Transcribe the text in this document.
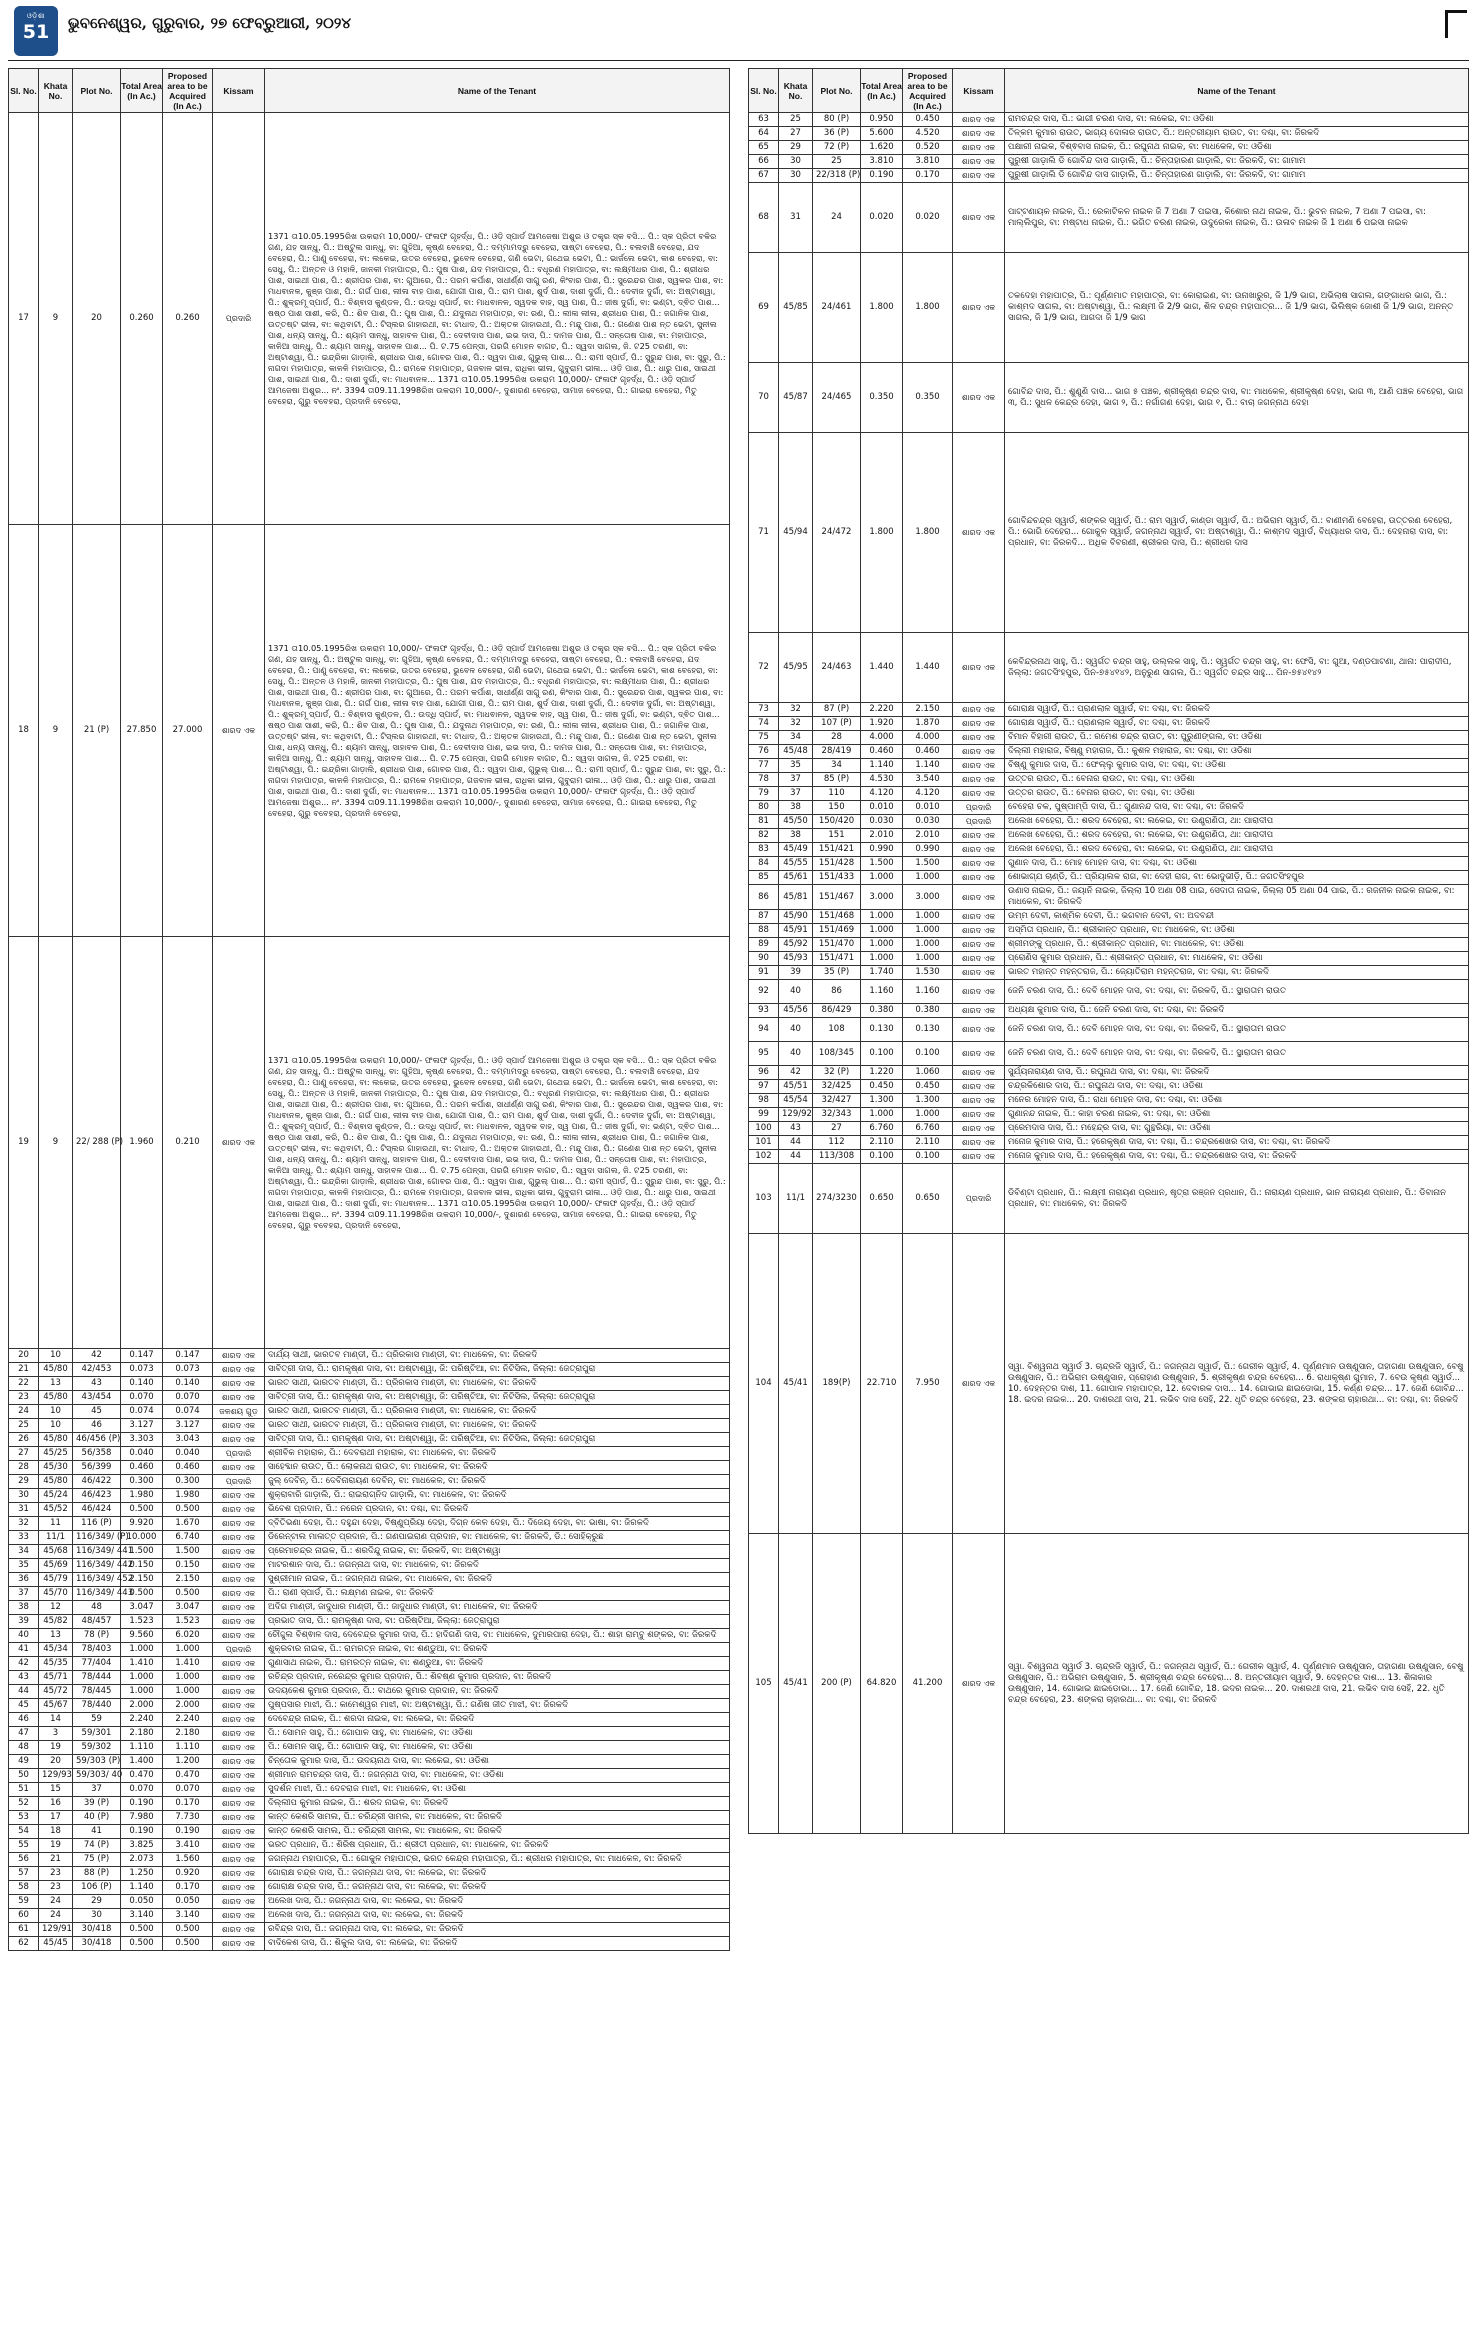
ଓଡ଼ିଶା
51	ଭୁବନେଶ୍ୱର, ଗୁରୁବାର, ୨୭ ଫେବ୍ରୁଆରୀ, ୨୦୨୪
Sl. No.	Khata No.	Plot No.	Total Area (In Ac.)	Proposed area to be Acquired (In Ac.)	Kissam	Name of the Tenant
17	9	20	0.260	0.260	ପ୍ରଦାରି	1371 ତା10.05.1995ରିଖ ଉକରାମ 10,000/- ଫଳାଫ ଗୃହର୍ଦ୍ଧ, ପି.: ଓଡ଼ି ସ୍ପାର୍ଡ ଆମଜେଷା ଅଶୁର ଓ ତକ୍ତ୍ର ସ୍କ ବସି... ପି.: ସ୍କ ପ୍ରିତୀ ବକିର ଗଣ, ଯହ ସାନ୍ଧୁ, ପି.: ଅଷ୍ଟୁଲ ସାନ୍ଧୁ, ବା: ଗୁହିଆ, କୃଷ୍ଣ ବେହେରା, ପି.: ଦମ୍ମାମଦ୍ରୁ ବେହେରା, ସାଷ୍ଟା ବେହେରା, ପି.: ବଲବାଞ୍ଚି ବେହେରା, ଯଦ ବେହେରା, ପି.: ପାଣୁ ବେହେରା, ବା: ଲକେଇ, ଉତର ବେହେରା, ଭୁବେଳ ବେହେରା, ଗଣି ଭେଟା, ଗଥେଇ ଭେଟା, ପି.: ଭାର୍ଜଲେ ଭେଟା, କାଶ ବେହେରା, ବା: ସେଧୁ, ପି.: ଅନ୍ତନ ଓ ମହାଳି, ଜାନକୀ ମହାପାତ୍ର, ପି.: ପୁଷ ପାଶ, ଯଦ ମହାପାତ୍ର, ପି.: ବଧୂରଣ ମହାପାତ୍ର, ବା: ଲକ୍ଷ୍ମୀଧର ପାଶ, ପି.: ଶ୍ରୀଧର ପାଶ, ସାଇଥୀ ପାଶ, ପି.: ଶ୍ରୀପର ପାଶ, ବା: ଗୁଆରେ, ପି.: ପରମ କର୍ପାଶ, ସାଧୀର୍ଣ୍ଣ ସାଗୁ ରଣ, କିଂବାର ପାଶ, ପି.: ସୁରେନ୍ଦର ପାଶ, ସ୍ୱକର ପାଶ, ବା: ମାଧଵାନଳ, କୁଞ୍ଜ ପାଶ, ପି.: ଗର୍ଗ ପାଶ, ଲୀଳା ବାହ ପାଶ, ଯୋଗୀ ପାଶ, ପି.: ରାମ ପାଶ, ଶୁର୍ଦ ପାଶ, ଦାଶୀ ଦୁର୍ଗା, ପି.: ଦେବୀଜ ଦୁର୍ଗା, ବା: ଅଷ୍ଟାଶ୍ୱା, ପି.: ଶୁକ୍ରମୂ ସ୍ପାର୍ଡ, ପି.: ବିଶ୍ଵାସ କୁଣ୍ଡଳ, ପି.: ଉଦ୍ଧି ସ୍ପାର୍ଡ, ବା: ମାଧଵାନଳ, ସ୍ୱଦକ ବାହ, ସ୍ୱ ପାଶ, ପି.: ଜୀଷ ଦୁର୍ଗା, ବା: ଭଣ୍ଟା, ଦ୍ଵିତ ପାଶ... ଷଷ୍ଠ ପାଶ ସାଶୀ, କରି, ପି.: ଶିବ ପାଶ, ପି.: ପୁଷ ପାଶ, ପି.: ଯଦୁନାଥ ମହାପାତ୍ର, ବା: ରଣ, ପି.: ଲୀଳା ଲୀଳା, ଶ୍ରୀଧର ପାଶ, ପି.: ଜଗାନିକ ପାଶ, ଉତ୍ତଷ୍ଟ ଭୀଳା, ବା: କଥିବାଟୀ, ପି.: ଟିସ୍ଲର ଗାହାରଥୀ, ବା: ଟାଧାଦ, ପି.: ଅକ୍ତକ ଗାହାରଥୀ, ପି.: ମନ୍ଦୁ ପାଶ, ପି.: ଗଣେଶ ପାଶ ନ୍ତ ଭେଟା, ସୁନୀଲ ପାଶ, ଧନ୍ୟ ସାନ୍ଧୁ, ପି.: ଶ୍ୟାମ ସାନ୍ଧୁ, ସାହାବଳ ପାଶ, ପି.: ଦେବୀଦାସ ପାଶ, ଇଭ ଦାସ, ପି.: ଦାମଜ ପାଶ, ପି.: ସନ୍ତୋଷ ପାଶ, ବା: ମହାପାତ୍ର, କାଳିଆ ସାନ୍ଧୁ, ପି.: ଶ୍ୟାମ ସାନ୍ଧୁ, ସାହାବଳ ପାଶ... ପି. ଟ.75 ପେନ୍ସା, ପରଗି ମୋହନ ବାଗଚ, ପି.: ସ୍ୱଦା ସାଗଲ, ଜି. ଟ25 ତରଣୀ, ବା: ଅଷ୍ଟାଶ୍ୱା, ପି.: ଇନ୍ଦ୍ରିକା ଗାଡ଼ାଲି, ଶ୍ରୀଧର ପାଶ, ଗୋବର ପାଶ, ପି.: ସ୍ୱଦା ପାଶ, ଗୁଭୁଲ୍ ପାଶ... ପି.: ରାମୀ ସ୍ପାର୍ଡ, ପି.: ସୁରୁନ୍ଦ ପାଶ, ବା: ସୁରୁ, ପି.: ନାଗଦା ମହାପାତ୍ର, କାଳଳି ମହାପାତ୍ର, ପି.: ରାମକେ ମହାପାତ୍ର, ଗଜବାଳ ଭୀଳା, ରାଧିକା ଭୀଳା, ଗୁବୁରାମ ଭୀଳା... ଓଡ଼ି ପାଶ, ପି.: ଧାରୁ ପାଶ, ସାଇଥୀ ପାଶ, ସାଇଥୀ ପାଶ, ପି.: ଦାଶୀ ଦୁର୍ଗା, ବା: ମାଧଵାନଳ... 1371 ତା10.05.1995ରିଖ ଉକରାମ 10,000/- ଫଳାଫ ଗୃହର୍ଦ୍ଧ, ପି.: ଓଡ଼ି ସ୍ପାର୍ଡ ଆମଜେଷା ଅଶୁର... ନଂ. 3394 ତା09.11.1998ରିଖ ଉକରାମ 10,000/-, ଦୁଶାରଣ ବେହେରା, ସାମାଜ ବେହେରା, ପି.: ଗାଇରା ବେହେରା, ମିତୁ ବେହେରା, ଗୁରୁ ବବେହରା, ପ୍ରଦାନି ବେହେରା,
18	9	21 (P)	27.850	27.000	ଶାରଦ ଏକ	1371 ତା10.05.1995ରିଖ ଉକରାମ 10,000/- ଫଳାଫ ଗୃହର୍ଦ୍ଧ, ପି.: ଓଡ଼ି ସ୍ପାର୍ଡ ଆମଜେଷା ଅଶୁର ଓ ତକ୍ତ୍ର ସ୍କ ବସି... ପି.: ସ୍କ ପ୍ରିତୀ ବକିର ଗଣ, ଯହ ସାନ୍ଧୁ, ପି.: ଅଷ୍ଟୁଲ ସାନ୍ଧୁ, ବା: ଗୁହିଆ, କୃଷ୍ଣ ବେହେରା, ପି.: ଦମ୍ମାମଦ୍ରୁ ବେହେରା, ସାଷ୍ଟା ବେହେରା, ପି.: ବଲବାଞ୍ଚି ବେହେରା, ଯଦ ବେହେରା, ପି.: ପାଣୁ ବେହେରା, ବା: ଲକେଇ, ଉତର ବେହେରା, ଭୁବେଳ ବେହେରା, ଗଣି ଭେଟା, ଗଥେଇ ଭେଟା, ପି.: ଭାର୍ଜଲେ ଭେଟା, କାଶ ବେହେରା, ବା: ସେଧୁ, ପି.: ଅନ୍ତନ ଓ ମହାଳି, ଜାନକୀ ମହାପାତ୍ର, ପି.: ପୁଷ ପାଶ, ଯଦ ମହାପାତ୍ର, ପି.: ବଧୂରଣ ମହାପାତ୍ର, ବା: ଲକ୍ଷ୍ମୀଧର ପାଶ, ପି.: ଶ୍ରୀଧର ପାଶ, ସାଇଥୀ ପାଶ, ପି.: ଶ୍ରୀପର ପାଶ, ବା: ଗୁଆରେ, ପି.: ପରମ କର୍ପାଶ, ସାଧୀର୍ଣ୍ଣ ସାଗୁ ରଣ, କିଂବାର ପାଶ, ପି.: ସୁରେନ୍ଦର ପାଶ, ସ୍ୱକର ପାଶ, ବା: ମାଧଵାନଳ, କୁଞ୍ଜ ପାଶ, ପି.: ଗର୍ଗ ପାଶ, ଲୀଳା ବାହ ପାଶ, ଯୋଗୀ ପାଶ, ପି.: ରାମ ପାଶ, ଶୁର୍ଦ ପାଶ, ଦାଶୀ ଦୁର୍ଗା, ପି.: ଦେବୀଜ ଦୁର୍ଗା, ବା: ଅଷ୍ଟାଶ୍ୱା, ପି.: ଶୁକ୍ରମୂ ସ୍ପାର୍ଡ, ପି.: ବିଶ୍ଵାସ କୁଣ୍ଡଳ, ପି.: ଉଦ୍ଧି ସ୍ପାର୍ଡ, ବା: ମାଧଵାନଳ, ସ୍ୱଦକ ବାହ, ସ୍ୱ ପାଶ, ପି.: ଜୀଷ ଦୁର୍ଗା, ବା: ଭଣ୍ଟା, ଦ୍ଵିତ ପାଶ... ଷଷ୍ଠ ପାଶ ସାଶୀ, କରି, ପି.: ଶିବ ପାଶ, ପି.: ପୁଷ ପାଶ, ପି.: ଯଦୁନାଥ ମହାପାତ୍ର, ବା: ରଣ, ପି.: ଲୀଳା ଲୀଳା, ଶ୍ରୀଧର ପାଶ, ପି.: ଜଗାନିକ ପାଶ, ଉତ୍ତଷ୍ଟ ଭୀଳା, ବା: କଥିବାଟୀ, ପି.: ଟିସ୍ଲର ଗାହାରଥୀ, ବା: ଟାଧାଦ, ପି.: ଅକ୍ତକ ଗାହାରଥୀ, ପି.: ମନ୍ଦୁ ପାଶ, ପି.: ଗଣେଶ ପାଶ ନ୍ତ ଭେଟା, ସୁନୀଲ ପାଶ, ଧନ୍ୟ ସାନ୍ଧୁ, ପି.: ଶ୍ୟାମ ସାନ୍ଧୁ, ସାହାବଳ ପାଶ, ପି.: ଦେବୀଦାସ ପାଶ, ଇଭ ଦାସ, ପି.: ଦାମଜ ପାଶ, ପି.: ସନ୍ତୋଷ ପାଶ, ବା: ମହାପାତ୍ର, କାଳିଆ ସାନ୍ଧୁ, ପି.: ଶ୍ୟାମ ସାନ୍ଧୁ, ସାହାବଳ ପାଶ... ପି. ଟ.75 ପେନ୍ସା, ପରଗି ମୋହନ ବାଗଚ, ପି.: ସ୍ୱଦା ସାଗଲ, ଜି. ଟ25 ତରଣୀ, ବା: ଅଷ୍ଟାଶ୍ୱା, ପି.: ଇନ୍ଦ୍ରିକା ଗାଡ଼ାଲି, ଶ୍ରୀଧର ପାଶ, ଗୋବର ପାଶ, ପି.: ସ୍ୱଦା ପାଶ, ଗୁଭୁଲ୍ ପାଶ... ପି.: ରାମୀ ସ୍ପାର୍ଡ, ପି.: ସୁରୁନ୍ଦ ପାଶ, ବା: ସୁରୁ, ପି.: ନାଗଦା ମହାପାତ୍ର, କାଳଳି ମହାପାତ୍ର, ପି.: ରାମକେ ମହାପାତ୍ର, ଗଜବାଳ ଭୀଳା, ରାଧିକା ଭୀଳା, ଗୁବୁରାମ ଭୀଳା... ଓଡ଼ି ପାଶ, ପି.: ଧାରୁ ପାଶ, ସାଇଥୀ ପାଶ, ସାଇଥୀ ପାଶ, ପି.: ଦାଶୀ ଦୁର୍ଗା, ବା: ମାଧଵାନଳ... 1371 ତା10.05.1995ରିଖ ଉକରାମ 10,000/- ଫଳାଫ ଗୃହର୍ଦ୍ଧ, ପି.: ଓଡ଼ି ସ୍ପାର୍ଡ ଆମଜେଷା ଅଶୁର... ନଂ. 3394 ତା09.11.1998ରିଖ ଉକରାମ 10,000/-, ଦୁଶାରଣ ବେହେରା, ସାମାଜ ବେହେରା, ପି.: ଗାଇରା ବେହେରା, ମିତୁ ବେହେରା, ଗୁରୁ ବବେହରା, ପ୍ରଦାନି ବେହେରା,
19	9	22/ 288 (P)	1.960	0.210	ଶାରଦ ଏକ	1371 ତା10.05.1995ରିଖ ଉକରାମ 10,000/- ଫଳାଫ ଗୃହର୍ଦ୍ଧ, ପି.: ଓଡ଼ି ସ୍ପାର୍ଡ ଆମଜେଷା ଅଶୁର ଓ ତକ୍ତ୍ର ସ୍କ ବସି... ପି.: ସ୍କ ପ୍ରିତୀ ବକିର ଗଣ, ଯହ ସାନ୍ଧୁ, ପି.: ଅଷ୍ଟୁଲ ସାନ୍ଧୁ, ବା: ଗୁହିଆ, କୃଷ୍ଣ ବେହେରା, ପି.: ଦମ୍ମାମଦ୍ରୁ ବେହେରା, ସାଷ୍ଟା ବେହେରା, ପି.: ବଲବାଞ୍ଚି ବେହେରା, ଯଦ ବେହେରା, ପି.: ପାଣୁ ବେହେରା, ବା: ଲକେଇ, ଉତର ବେହେରା, ଭୁବେଳ ବେହେରା, ଗଣି ଭେଟା, ଗଥେଇ ଭେଟା, ପି.: ଭାର୍ଜଲେ ଭେଟା, କାଶ ବେହେରା, ବା: ସେଧୁ, ପି.: ଅନ୍ତନ ଓ ମହାଳି, ଜାନକୀ ମହାପାତ୍ର, ପି.: ପୁଷ ପାଶ, ଯଦ ମହାପାତ୍ର, ପି.: ବଧୂରଣ ମହାପାତ୍ର, ବା: ଲକ୍ଷ୍ମୀଧର ପାଶ, ପି.: ଶ୍ରୀଧର ପାଶ, ସାଇଥୀ ପାଶ, ପି.: ଶ୍ରୀପର ପାଶ, ବା: ଗୁଆରେ, ପି.: ପରମ କର୍ପାଶ, ସାଧୀର୍ଣ୍ଣ ସାଗୁ ରଣ, କିଂବାର ପାଶ, ପି.: ସୁରେନ୍ଦର ପାଶ, ସ୍ୱକର ପାଶ, ବା: ମାଧଵାନଳ, କୁଞ୍ଜ ପାଶ, ପି.: ଗର୍ଗ ପାଶ, ଲୀଳା ବାହ ପାଶ, ଯୋଗୀ ପାଶ, ପି.: ରାମ ପାଶ, ଶୁର୍ଦ ପାଶ, ଦାଶୀ ଦୁର୍ଗା, ପି.: ଦେବୀଜ ଦୁର୍ଗା, ବା: ଅଷ୍ଟାଶ୍ୱା, ପି.: ଶୁକ୍ରମୂ ସ୍ପାର୍ଡ, ପି.: ବିଶ୍ଵାସ କୁଣ୍ଡଳ, ପି.: ଉଦ୍ଧି ସ୍ପାର୍ଡ, ବା: ମାଧଵାନଳ, ସ୍ୱଦକ ବାହ, ସ୍ୱ ପାଶ, ପି.: ଜୀଷ ଦୁର୍ଗା, ବା: ଭଣ୍ଟା, ଦ୍ଵିତ ପାଶ... ଷଷ୍ଠ ପାଶ ସାଶୀ, କରି, ପି.: ଶିବ ପାଶ, ପି.: ପୁଷ ପାଶ, ପି.: ଯଦୁନାଥ ମହାପାତ୍ର, ବା: ରଣ, ପି.: ଲୀଳା ଲୀଳା, ଶ୍ରୀଧର ପାଶ, ପି.: ଜଗାନିକ ପାଶ, ଉତ୍ତଷ୍ଟ ଭୀଳା, ବା: କଥିବାଟୀ, ପି.: ଟିସ୍ଲର ଗାହାରଥୀ, ବା: ଟାଧାଦ, ପି.: ଅକ୍ତକ ଗାହାରଥୀ, ପି.: ମନ୍ଦୁ ପାଶ, ପି.: ଗଣେଶ ପାଶ ନ୍ତ ଭେଟା, ସୁନୀଲ ପାଶ, ଧନ୍ୟ ସାନ୍ଧୁ, ପି.: ଶ୍ୟାମ ସାନ୍ଧୁ, ସାହାବଳ ପାଶ, ପି.: ଦେବୀଦାସ ପାଶ, ଇଭ ଦାସ, ପି.: ଦାମଜ ପାଶ, ପି.: ସନ୍ତୋଷ ପାଶ, ବା: ମହାପାତ୍ର, କାଳିଆ ସାନ୍ଧୁ, ପି.: ଶ୍ୟାମ ସାନ୍ଧୁ, ସାହାବଳ ପାଶ... ପି. ଟ.75 ପେନ୍ସା, ପରଗି ମୋହନ ବାଗଚ, ପି.: ସ୍ୱଦା ସାଗଲ, ଜି. ଟ25 ତରଣୀ, ବା: ଅଷ୍ଟାଶ୍ୱା, ପି.: ଇନ୍ଦ୍ରିକା ଗାଡ଼ାଲି, ଶ୍ରୀଧର ପାଶ, ଗୋବର ପାଶ, ପି.: ସ୍ୱଦା ପାଶ, ଗୁଭୁଲ୍ ପାଶ... ପି.: ରାମୀ ସ୍ପାର୍ଡ, ପି.: ସୁରୁନ୍ଦ ପାଶ, ବା: ସୁରୁ, ପି.: ନାଗଦା ମହାପାତ୍ର, କାଳଳି ମହାପାତ୍ର, ପି.: ରାମକେ ମହାପାତ୍ର, ଗଜବାଳ ଭୀଳା, ରାଧିକା ଭୀଳା, ଗୁବୁରାମ ଭୀଳା... ଓଡ଼ି ପାଶ, ପି.: ଧାରୁ ପାଶ, ସାଇଥୀ ପାଶ, ସାଇଥୀ ପାଶ, ପି.: ଦାଶୀ ଦୁର୍ଗା, ବା: ମାଧଵାନଳ... 1371 ତା10.05.1995ରିଖ ଉକରାମ 10,000/- ଫଳାଫ ଗୃହର୍ଦ୍ଧ, ପି.: ଓଡ଼ି ସ୍ପାର୍ଡ ଆମଜେଷା ଅଶୁର... ନଂ. 3394 ତା09.11.1998ରିଖ ଉକରାମ 10,000/-, ଦୁଶାରଣ ବେହେରା, ସାମାଜ ବେହେରା, ପି.: ଗାଇରା ବେହେରା, ମିତୁ ବେହେରା, ଗୁରୁ ବବେହରା, ପ୍ରଦାନି ବେହେରା,
20	10	42	0.147	0.147	ଶାରଦ ଏକ	ଦାର୍ଯ୍ୟ ସାଥୀ, ଭାରତବ ମାଣ୍ଡୀ, ପି.: ପ୍ରିରକାସ ମାଣ୍ଡୀ, ବା: ମାଧକେଳ, ବା: ଜିରକଦି
21	45/80	42/453	0.073	0.073	ଶାରଦ ଏକ	ସାବିତ୍ରୀ ଦାସ, ପି.: ରାମକୃଷ୍ଣ ଦାସ, ବା: ଅଷ୍ଟାଶ୍ୱା, ଜି: ପରିଷ୍ଟିଆ, ବା: ନିଟିସିଲ, ଜିଲ୍ଲା: ଜେତ୍ରାପୁରା
22	13	43	0.140	0.140	ଶାରଦ ଏକ	ଭାରତ ସାଥୀ, ଭାରତବ ମାଣ୍ଡୀ, ପି.: ପ୍ରିରକାସ ମାଣ୍ଡୀ, ବା: ମାଧକେଳ, ବା: ଜିରକଦି
23	45/80	43/454	0.070	0.070	ଶାରଦ ଏକ	ସାବିତ୍ରୀ ଦାସ, ପି.: ରାମକୃଷ୍ଣ ଦାସ, ବା: ଅଷ୍ଟାଶ୍ୱା, ଜି: ପରିଷ୍ଟିଆ, ବା: ନିଟିସିଲ, ଜିଲ୍ଲା: ଜେତ୍ରାପୁରା
24	10	45	0.074	0.074	ଜଳଶୟ ଗୁଡ଼	ଭାରତ ସାଥୀ, ଭାରତବ ମାଣ୍ଡୀ, ପି.: ପ୍ରିରକାସ ମାଣ୍ଡୀ, ବା: ମାଧକେଳ, ବା: ଜିରକଦି
25	10	46	3.127	3.127	ଶାରଦ ଏକ	ଭାରତ ସାଥୀ, ଭାରତବ ମାଣ୍ଡୀ, ପି.: ପ୍ରିରକାସ ମାଣ୍ଡୀ, ବା: ମାଧକେଳ, ବା: ଜିରକଦି
26	45/80	46/456 (P)	3.303	3.043	ଶାରଦ ଏକ	ସାବିତ୍ରୀ ଦାସ, ପି.: ରାମକୃଷ୍ଣ ଦାସ, ବା: ଅଷ୍ଟାଶ୍ୱା, ଜି: ପରିଷ୍ଟିଆ, ବା: ନିଟିସିଲ, ଜିଲ୍ଲା: ଜେତ୍ରାପୁରା
27	45/25	56/358	0.040	0.040	ପ୍ରଦାରି	ଶ୍ରୀବିକ ମହାରାକ, ପି.: ଦେବରାଥୀ ମହାରାକ, ବା: ମାଧକେଳ, ବା: ଜିରକଦି
28	45/30	56/399	0.460	0.460	ଶାରଦ ଏକ	ସାହେବ୍ଦାନ ରାଉତ, ପି.: ଲୋକନାଥ ରାଉତ, ବା: ମାଧକେଳ, ବା: ଜିରକଦି
29	45/80	46/422	0.300	0.300	ପ୍ରଦାରି	ଜୁଲ୍ ଦେବିନ୍, ପି.: ଦେବିନାରାୟଣ ଦେବିନ୍, ବା: ମାଧକେଳ, ବା: ଜିରକଦି
30	45/24	46/423	1.980	1.980	ଶାରଦ ଏକ	ଶୁକ୍ରାବାରି ଗାଡ଼ାଲି, ପି.: ରାଇରାଗ୍ନିଦ ଗାଡ଼ାଲି, ବା: ମାଧକେଳ, ବା: ଜିରକଦି
31	45/52	46/424	0.500	0.500	ଶାରଦ ଏକ	ଭିବେଶ ପ୍ରଦାନ, ପି.: ନରେନ ପ୍ରଦାନ, ବା: ଦଶ୍ଚା, ବା: ଜିରକଦି
32	11	116 (P)	9.920	1.670	ଶାରଦ ଏକ	ଦ୍ବିତିଭଣା ଦେହା, ପି.: ଦହୁନ୍ଦା ଦେହା, ବିଷ୍ଣୁପ୍ରିୟା ଦେହା, ଦିଗ୍ନ କେଳ ଦେହା, ପି.: ଦିଜେୟ ଦେହା, ବା: ଭାଷା, ବା: ଜିରକଦି
33	11/1	116/349/ (P)	10.000	6.740	ଶାରଦ ଏକ	ଡିରେନ୍ଟାଲ ମାଳାତ୍ତ ପ୍ରଦାନ, ପି.: ଗଣପାଇରାଣ ପ୍ରଦାନ, ବା: ମାଧକେଳ, ବା: ଜିରକଦି, ଡି.: ସୋହିକ୍ରୁଛ
34	45/68	116/349/ 441	1.500	1.500	ଶାରଦ ଏକ	ପ୍ରେମାଚନ୍ଦ୍ର ନାଇକ, ପି.: ଶରଦିନ୍ଦୁ ନାଇକ, ବା: ଜିରକଦି, ବା: ଅଷ୍ଟାଶ୍ୱା
35	45/69	116/349/ 442	0.150	0.150	ଶାରଦ ଏକ	ମାଟରଶାନ ଦାସ, ପି.: ଜଗନ୍ନାଥ ଦାସ, ବା: ମାଧକେଳ, ବା: ଜିରକଦି
36	45/79	116/349/ 452	2.150	2.150	ଶାରଦ ଏକ	ସୁଶ୍ରୀମାନ ନାଇକ, ପି.: ଜଗନ୍ନାଥ ନାଇକ, ବା: ମାଧକେଳ, ବା: ଜିରକଦି
37	45/70	116/349/ 443	0.500	0.500	ଶାରଦ ଏକ	ପି.: ରାଣୀ ସ୍ପାର୍ଡ, ପି.: ଲକ୍ଷ୍ମଣ ନାଇକ, ବା: ଜିରକଦି
38	12	48	3.047	3.047	ଶାରଦ ଏକ	ଅଦିଗ ମାଣ୍ଡୀ, ଜାଦୁଧାର ମାଣ୍ଡୀ, ପି.: ଜାଦୁଧାର ମାଣ୍ଡୀ, ବା: ମାଧକେଳ, ବା: ଜିରକଦି
39	45/82	48/457	1.523	1.523	ଶାରଦ ଏକ	ପ୍ରଭାତ ଦାସ, ପି.: ରାମକୃଷ୍ଣ ଦାସ, ବା: ପରିଷ୍ଟିଆ, ଜିଲ୍ଲା: ଜେତ୍ରାପୁରା
40	13	78 (P)	9.560	6.020	ଶାରଦ ଏକ	ଚୌଦ୍ଦୁଲ ବିଶ୍ଵାଳ ଦାସ, ଦେବେନ୍ଦ୍ର କୁମାର ଦାସ, ପି.: ହାଦିଗଣି ଦାସ, ବା: ମାଧକେଳ, ଦୁମାରପାରା ଦେହା, ପି.: ଶାହା ରାମ୍ବୁ ଶଙ୍କର, ବା: ଜିରକଦି
41	45/34	78/403	1.000	1.000	ପ୍ରଦାରି	ଶୁକ୍ରବାର ନାଇକ, ପି.: ରାମରତ୍ନ ନାଇକ, ବା: ଶଣ୍ଡୁଆ, ବା: ଜିରକଦି
42	45/35	77/404	1.410	1.410	ଶାରଦ ଏକ	ଗୁଣାସାଥ ନାଇକ, ପି.: ରାମରତ୍ନ ନାଇକ, ବା: ଶଣ୍ଡୁଆ, ବା: ଜିରକଦି
43	45/71	78/444	1.000	1.000	ଶାରଦ ଏକ	ରଚିନ୍ଦ୍ର ପ୍ରଦାନ, ନରେନ୍ଦ୍ର କୁମାର ପ୍ରଦାନ, ପି.: ଶିବଷ୍ଣ କୁମାର ପ୍ରଦାନ, ବା: ଜିରକଦି
44	45/72	78/445	1.000	1.000	ଶାରଦ ଏକ	ଉଦୟକେଶ କୁମାର ପ୍ରଦାନ, ପି.: ବାଥରେ କୁମାର ପ୍ରଦାନ, ବା: ଜିରକଦି
45	45/67	78/440	2.000	2.000	ଶାରଦ ଏକ	ପୁଷ୍ପସାର ମାଝୀ, ପି.: କାମେଶ୍ୱର ମାଝୀ, ବା: ଅଷ୍ଟାଶ୍ୱା, ପି.: ଗଣିଷ ଜୀତ ମାଝୀ, ବା: ଜିରକଦି
46	14	59	2.240	2.240	ଶାରଦ ଏକ	ଦେବେନ୍ଦ୍ର ନାଇକ, ପି.: ଶରଦା ନାଇକ, ବା: ଲକେଇ, ବା: ଜିରକଦି
47	3	59/301	2.180	2.180	ଶାରଦ ଏକ	ପି.: ସୋମନ ସାହୁ, ପି.: ଗୋପାଳ ସାହୁ, ବା: ମାଧକେଳ, ବା: ଓଡିଶା
48	19	59/302	1.110	1.110	ଶାରଦ ଏକ	ପି.: ସୋମନ ସାହୁ, ପି.: ଗୋପାଳ ସାହୁ, ବା: ମାଧକେଳ, ବା: ଓଡିଶା
49	20	59/303 (P)	1.400	1.200	ଶାରଦ ଏକ	ଚିନ୍ତୋକ କୁମାର ଦାସ, ପି.: ଉଦୟନାଥ ଦାସ, ବା: ଲକେଇ, ବା: ଓଡିଶା
50	129/93	59/303/ 40	0.470	0.470	ଶାରଦ ଏକ	ଶ୍ରୀମାନ ରାମଚନ୍ଦ୍ର ଦାସ, ପି.: ଜଗନ୍ନାଥ ଦାସ, ବା: ମାଧକେଳ, ବା: ଓଡିଶା
51	15	37	0.070	0.070	ଶାରଦ ଏକ	ସୁଦର୍ଶନ ମାଝୀ, ପି.: ଦେବରାଜ ମାଝୀ, ବା: ମାଧକେଳ, ବା: ଓଡିଶା
52	16	39 (P)	0.190	0.170	ଶାରଦ ଏକ	ଦିଲ୍ଲୀପ କୁମାର ନାଇକ, ପି.: ଶରଦ ନାଇକ, ବା: ଜିରକଦି
53	17	40 (P)	7.980	7.730	ଶାରଦ ଏକ	କାନ୍ତ କେଶରି ସାମଲ, ପି.: ଚରିନ୍ଦ୍ରୀ ସାମଲ, ବା: ମାଧକେଳ, ବା: ଜିରକଦି
54	18	41	0.190	0.190	ଶାରଦ ଏକ	କାନ୍ତ କେଶରି ସାମଲ, ପି.: ଚରିନ୍ଦ୍ରୀ ସାମଲ, ବା: ମାଧକେଳ, ବା: ଜିରକଦି
55	19	74 (P)	3.825	3.410	ଶାରଦ ଏକ	ଭରତ ପ୍ରଧାନ, ପି.: ଶିରିଷ ପ୍ରଧାନ, ପି.: ଶ୍ରୀତୀ ପ୍ରଧାନ, ବା: ମାଧକେଳ, ବା: ଜିରକଦି
56	21	75 (P)	2.073	1.560	ଶାରଦ ଏକ	ଜଗନ୍ନାଥ ମହାପାତ୍ର, ପି.: ଗୋକୁଳ ମହାପାତ୍ର, ଭରତ କେନ୍ଦ୍ର ମହାପାତ୍ର, ପି.: ଶ୍ରୀଧର ମହାପାତ୍ର, ବା: ମାଧକେଳ, ବା: ଜିରକଦି
57	23	88 (P)	1.250	0.920	ଶାରଦ ଏକ	ଗୋରାକ୍ଷ ଚନ୍ଦ୍ର ଦାସ, ପି.: ଜଗନ୍ନାଥ ଦାସ, ବା: ଲକେଇ, ବା: ଜିରକଦି
58	23	106 (P)	1.140	0.170	ଶାରଦ ଏକ	ଗୋରାକ୍ଷ ଚନ୍ଦ୍ର ଦାସ, ପି.: ଜଗନ୍ନାଥ ଦାସ, ବା: ଲକେଇ, ବା: ଜିରକଦି
59	24	29	0.050	0.050	ଶାରଦ ଏକ	ଅଲେଖ ଦାସ, ପି.: ଜଗନ୍ନାଥ ଦାସ, ବା: ଲକେଇ, ବା: ଜିରକଦି
60	24	30	3.140	3.140	ଶାରଦ ଏକ	ଅଲେଖ ଦାସ, ପି.: ଜଗନ୍ନାଥ ଦାସ, ବା: ଲକେଇ, ବା: ଜିରକଦି
61	129/91	30/418	0.500	0.500	ଶାରଦ ଏକ	ରବିନ୍ଦ୍ର ଦାସ, ପି.: ଜଗନ୍ନାଥ ଦାସ, ବା: ଲକେଇ, ବା: ଜିରକଦି
62	45/45	30/418	0.500	0.500	ଶାରଦ ଏକ	ବାଦିକେଶ ଦାସ, ପି.: ଶିକୁଲ ଦାସ, ବା: ଲକେଇ, ବା: ଜିରକଦି
Sl. No.	Khata No.	Plot No.	Total Area (In Ac.)	Proposed area to be Acquired (In Ac.)	Kissam	Name of the Tenant
63	25	80 (P)	0.950	0.450	ଶାରଦ ଏକ	ରାମଚନ୍ଦ୍ର ଦାସ, ପି.: ଭାଗୀ ଚରଣ ଦାସ, ବା: ଲକେଇ, ବା: ଓଡିଶା
64	27	36 (P)	5.600	4.520	ଶାରଦ ଏକ	ତିଳ୍କମ କୁମାର ରାଉତ, ଭାଗ୍ୟ ଦୋଳାର ରାଉତ, ପି.: ଅନ୍ତରୀୟାମ ରାଉତ, ବା: ଦଶ୍ଚା, ବା: ଜିରକଦି
65	29	72 (P)	1.620	0.520	ଶାରଦ ଏକ	ପକ୍ଷାରୀ ନାଇକ, ବିଶ୍ଵବାସ ନାଇକ, ପି.: ରଘୁନାଥ ନାଇକ, ବା: ମାଧକେଳ, ବା: ଓଡିଶା
66	30	25	3.810	3.810	ଶାରଦ ଏକ	ପୁରୁଷୀ ଗାଡ଼ାଲି ଡି ଗୋବିନ୍ଦ ଦାସ ଗାଡ଼ାଲି, ପି.: ଚିନ୍ତାହାରଣ ଗାଡ଼ାଲି, ବା: ଜିରକଦି, ବା: ଗାମାମ
67	30	22/318 (P)	0.190	0.170	ଶାରଦ ଏକ	ପୁରୁଷୀ ଗାଡ଼ାଲି ଡି ଗୋବିନ୍ଦ ଦାସ ଗାଡ଼ାଲି, ପି.: ଚିନ୍ତାହାରଣ ଗାଡ଼ାଲି, ବା: ଜିରକଦି, ବା: ଗାମାମ
68	31	24	0.020	0.020	ଶାରଦ ଏକ	ପାଟ୍ଟଣାୟକ ନାଇକ, ପି.: ରେକାଟିକଳ ନାଇକ ଜି 7 ଅଣା 7 ପଇସା, କିଶୋର ନାଥ ନାଇକ, ପି.: ଭୁବନ ନାଇକ, 7 ଅଣା 7 ପଇସା, ବା: ମାଲ୍ଲିପୁର, ବା: ମଷ୍ଟାଧ ନାଇକ, ପି.: ଭଗିତ ଚରଣ ନାଇକ, ଉଦୁରେକା ନାଇକ, ପି.: ଉଳାବ ନାଇକ ଜି 1 ଅଣା 6 ପଇସା ନାଇକ
69	45/85	24/461	1.800	1.800	ଶାରଦ ଏକ	ତକଦେହା ମହାପାତ୍ର, ପି.: ପୂର୍ଣ୍ଣମାତ ମହାପାତ୍ର, ବା: କୋରାଇଣ, ବା: ଉନାଖାରୁର, ଜି 1/9 ଭାଗ, ଅଭିଲାଷ ସାଗଲ, ଗଙ୍ଗାଧର ଭାଗ, ପି.: କାଶ୍ମଦ ସାଗଲ, ବା: ଅଷ୍ଟାଶ୍ୱା, ପି.: ଲକ୍ଷ୍ମୀ ଜି 2/9 ଭାଗ, ଶିଳ ଚନ୍ଦ୍ର ମହାପାତ୍ର... ଜି 1/9 ଭାଗ, ଭିଲିଷ୍କ ଜୋଶୀ ଜି 1/9 ଭାଗ, ଅନନ୍ତ ସାଗଲ, ଜି 1/9 ଭାଗ, ଆଗଦା ଜି 1/9 ଭାଗ
70	45/87	24/465	0.350	0.350	ଶାରଦ ଏକ	ଗୋବିନ୍ଦ ଦାସ, ପି.: ଶୁଣୁଣି ଦାସ... ଭାଗ ୫ ପଞ୍ଚକ, ଶ୍ରୀକୃଷ୍ଣ ଚନ୍ଦ୍ର ଦାସ, ବା: ମାଧକେଳ, ଶ୍ରୀକୃଷ୍ଣ ଦେହା, ଭାଗ ୩, ଆଣି ପଞ୍ଚକ ବେହେରା, ଭାଗ ୩, ପି.: ସୁଧଳ କେନ୍ଦ୍ର ଦେହା, ଭାଗ ୨, ପି.: ନର୍ଗାଗଣ ଦେହା, ଭାଗ ୧, ପି.: ବାଚା ଜଗନ୍ନାଥ ଦେହା
71	45/94	24/472	1.800	1.800	ଶାରଦ ଏକ	ଗୋବିନ୍ଦଚନ୍ଦ୍ର ସ୍ୱାର୍ଡ, ଶଙ୍କର ସ୍ୱାର୍ଡ, ପି.: ରାମ ସ୍ୱାର୍ଡ, କାଣ୍ଡା ସ୍ୱାର୍ଡ, ପି.: ଅଭିରାମ ସ୍ୱାର୍ଡ, ପି.: ବାଣୀମଣି ବେହେରା, ଉତ୍ତରଣ ବେହେରା, ପି.: ଭୋଗି ଦେହେରା... ଗୋକୁଳ ସ୍ୱାର୍ଡ, ଜଗନ୍ନାଥ ସ୍ୱାର୍ଡ, ବା: ଅଷ୍ଟାଶ୍ୱା, ପି.: କାଶ୍ମଦ ସ୍ୱାର୍ଡ, ବିଧ୍ୟାଧର ଦାସ, ପି.: ଦେହନାରା ଦାସ, ବା: ପ୍ରଧାନ, ବା: ଜିରକଦି... ଅଧିକ ବିବରଣୀ, ଶ୍ରୀକର ଦାସ, ପି.: ଶ୍ରୀଧର ଦାସ
72	45/95	24/463	1.440	1.440	ଶାରଦ ଏକ	କେବିନ୍ଦ୍ରନାଥ ସାହୁ, ପି.: ସ୍ୱର୍ଗତ ଚନ୍ଦ୍ର ସାହୁ, ଉଲ୍ଲକ ସାହୁ, ପି.: ସ୍ୱର୍ଗତ ଚନ୍ଦ୍ର ସାହୁ, ବା: ଫେସି, ବା: ଗୁଆ, ଦଣ୍ଡପାଟଣା, ଥାନା: ପାରାଦୀପ, ଜିଲ୍ଲା: ଜଗତସିଂହପୁର, ପିନ-୭୫୪୧୪୨, ଅନୁରୁଣ ସାଗଲ, ପି.: ସ୍ୱର୍ଗତ ଚନ୍ଦ୍ର ସାହୁ... ପିନ-୭୫୪୧୪୨
73	32	87 (P)	2.220	2.150	ଶାରଦ ଏକ	ଗୋରାକ୍ଷ ସ୍ୱାର୍ଡ, ପି.: ପ୍ରାଣଲାଳ ସ୍ୱାର୍ଡ, ବା: ଦଶ୍ଚା, ବା: ଜିରକଦି
74	32	107 (P)	1.920	1.870	ଶାରଦ ଏକ	ଗୋରାକ୍ଷ ସ୍ୱାର୍ଡ, ପି.: ପ୍ରାଣଲାଳ ସ୍ୱାର୍ଡ, ବା: ଦଶ୍ଚା, ବା: ଜିରକଦି
75	34	28	4.000	4.000	ଶାରଦ ଏକ	ବିମାନ ବିହାରୀ ରାଉତ, ପି.: ରମେଶ ଚନ୍ଦ୍ର ରାଉତ, ବା: ପୁରୁଣୀଙ୍ଗଲ, ବା: ଓଡିଶା
76	45/48	28/419	0.460	0.460	ଶାରଦ ଏକ	ଦିଲ୍ଲୀ ମହାରାଜ, ବିଷ୍ଣୁ ମହାରାଜ, ପି.: କୁଶଳ ମହାରାଜ, ବା: ଦଶ୍ଚା, ବା: ଓଡିଶା
77	35	34	1.140	1.140	ଶାରଦ ଏକ	ବିଷ୍ଣୁ କୁମାର ଦାସ, ପି.: ଫେଲ୍ଲୁ କୁମାର ଦାସ, ବା: ଦଶ୍ଚା, ବା: ଓଡିଶା
78	37	85 (P)	4.530	3.540	ଶାରଦ ଏକ	ଉତ୍ତର ରାଉତ, ପି.: ବେନାର ରାଉତ, ବା: ଦଶ୍ଚା, ବା: ଓଡିଶା
79	37	110	4.120	4.120	ଶାରଦ ଏକ	ଉତ୍ତର ରାଉତ, ପି.: ବେନାର ରାଉତ, ବା: ଦଶ୍ଚା, ବା: ଓଡିଶା
80	38	150	0.010	0.010	ପ୍ରଦାରି	ବେହେରା ଚକ, ପୁଷ୍ପାମ୍ପି ଦାସ, ପି.: ଗୁଣାନନ୍ଦ ଦାସ, ବା: ଦଶ୍ଚା, ବା: ଜିରକଦି
81	45/50	150/420	0.030	0.030	ପ୍ରଦାରି	ଅଲେଖ ବେହେରା, ପି.: ଶରଦ ବେହେରା, ବା: ଲକେଇ, ବା: ଉଣ୍ଡ୍ରାଣିତା, ଥା: ପାରାଦୀପ
82	38	151	2.010	2.010	ଶାରଦ ଏକ	ଅଲେଖ ବେହେରା, ପି.: ଶରଦ ବେହେରା, ବା: ଲକେଇ, ବା: ଉଣ୍ଡ୍ରାଣିତା, ଥା: ପାରାଦୀପ
83	45/49	151/421	0.990	0.990	ଶାରଦ ଏକ	ଅଲେଖ ବେହେରା, ପି.: ଶରଦ ବେହେରା, ବା: ଲକେଇ, ବା: ଉଣ୍ଡ୍ରାଣିତା, ଥା: ପାରାଦୀପ
84	45/55	151/428	1.500	1.500	ଶାରଦ ଏକ	ଗୁଣାନ ଦାସ, ପି.: ମୋହ ମୋହନ ଦାସ, ବା: ଦଶ୍ଚା, ବା: ଓଡିଶା
85	45/61	151/433	1.000	1.000	ଶାରଦ ଏକ	ଶୋଭାଗ୍ଯ ଚାଣ୍ଡି, ପି.: ପ୍ରିୟାଲକ ରାଗ, ବା: ଦେହୀ ରାଗ, ବା: ଭୋଦୁଭୀଡ଼ି, ପି.: ଜଗତସିଂହପୁର
86	45/81	151/467	3.000	3.000	ଶାରଦ ଏକ	ଉଣାସ ନାଇକ, ପି.: ଜୟାନି ନାଇକ, ଜିଲ୍ଲା 10 ଅଣା 08 ପାଇ, ସେଦାତା ନାଇକ, ଜିଲ୍ଲା 05 ଅଣା 04 ପାଇ, ପି.: ରଜନୀକ ନାଇକ ନାଇକ, ବା: ମାଧକେଳ, ବା: ଜିରକଦି
87	45/90	151/468	1.000	1.000	ଶାରଦ ଏକ	ଉମ୍ମ ଦେବୀ, କାଶ୍ମିକ ଦେବୀ, ପି.: ଭଗବାନ ଦେବୀ, ବା: ଅଦବନ୍ଦୀ
88	45/91	151/469	1.000	1.000	ଶାରଦ ଏକ	ଅସ୍ମିତା ପ୍ରଧାନ, ପି.: ଶ୍ରୀକାନ୍ତ ପ୍ରଧାନ, ବା: ମାଧକେଳ, ବା: ଓଡିଶା
89	45/92	151/470	1.000	1.000	ଶାରଦ ଏକ	ଶ୍ରୀମଙ୍କୁ ପ୍ରଧାନ, ପି.: ଶ୍ରୀକାନ୍ତ ପ୍ରଧାନ, ବା: ମାଧକେଳ, ବା: ଓଡିଶା
90	45/93	151/471	1.000	1.000	ଶାରଦ ଏକ	ପ୍ରୋଣିସ କୁମାର ପ୍ରଧାନ, ପି.: ଶ୍ରୀକାନ୍ତ ପ୍ରଧାନ, ବା: ମାଧକେଳ, ବା: ଓଡିଶା
91	39	35 (P)	1.740	1.530	ଶାରଦ ଏକ	ଭାରତ ମହାନ୍ତ ମହନ୍ତରାଜ, ପି.: ଜ୍ୟୋତିରାମ ମହନ୍ତରାଜ, ବା: ଦଶ୍ଚା, ବା: ଜିରକଦି
92	40	86	1.160	1.160	ଶାରଦ ଏକ	ଜେନି ଚରଣ ଦାସ, ପି.: ଦେବି ମୋହନ ଦାସ, ବା: ଦଶ୍ଚା, ବା: ଜିରକଦି, ପି.: ସ୍ଥାରାତାମ ରାଉତ
93	45/56	86/429	0.380	0.380	ଶାରଦ ଏକ	ଅଧ୍ୟକ୍ଷ କୁମାର ଦାସ, ପି.: ଜେନି ଚରଣ ଦାସ, ବା: ଦଶ୍ଚା, ବା: ଜିରକଦି
94	40	108	0.130	0.130	ଶାରଦ ଏକ	ଜେନି ଚରଣ ଦାସ, ପି.: ଦେବି ମୋହନ ଦାସ, ବା: ଦଶ୍ଚା, ବା: ଜିରକଦି, ପି.: ସ୍ଥାରାତାମ ରାଉତ
95	40	108/345	0.100	0.100	ଶାରଦ ଏକ	ଜେନି ଚରଣ ଦାସ, ପି.: ଦେବି ମୋହନ ଦାସ, ବା: ଦଶ୍ଚା, ବା: ଜିରକଦି, ପି.: ସ୍ଥାରାତାମ ରାଉତ
96	42	32 (P)	1.220	1.060	ଶାରଦ ଏକ	ସୁର୍ଯ୍ୟନାରାୟଣ ଦାସ, ପି.: ରଘୁନାଥ ଦାସ, ବା: ଦଶ୍ଚା, ବା: ଜିରକଦି
97	45/51	32/425	0.450	0.450	ଶାରଦ ଏକ	ଚନ୍ଦ୍ରକିଶୋର ଦାସ, ପି.: ରଘୁନାଥ ଦାସ, ବା: ଦଶ୍ଚା, ବା: ଓଡିଶା
98	45/54	32/427	1.300	1.300	ଶାରଦ ଏକ	ମନେର ମୋହନ ଦାସ, ପି.: ରାଧା ମୋହନ ଦାସ, ବା: ଦଶ୍ଚା, ବା: ଓଡିଶା
99	129/92	32/343	1.000	1.000	ଶାରଦ ଏକ	ଗୁଣାନନ୍ଦ ନାଇକ, ପି.: କାହା ଚରଣ ନାଇକ, ବା: ଦଶ୍ଚା, ବା: ଓଡିଶା
100	43	27	6.760	6.760	ଶାରଦ ଏକ	ପ୍ରେମଦାସ ଦାସ, ପି.: ମହେନ୍ଦ୍ର ଦାସ, ବା: ଗୁନ୍ଥରିୟା, ବା: ଓଡିଶା
101	44	112	2.110	2.110	ଶାରଦ ଏକ	ମନୋଜ କୁମାର ଦାସ, ପି.: ହରେକୃଷ୍ଣ ଦାସ, ବା: ଦଶ୍ଚା, ପି.: ଚନ୍ଦ୍ରଶେଖର ଦାସ, ବା: ଦଶ୍ଚା, ବା: ଜିରକଦି
102	44	113/308	0.100	0.100	ଶାରଦ ଏକ	ମନୋଜ କୁମାର ଦାସ, ପି.: ହରେକୃଷ୍ଣ ଦାସ, ବା: ଦଶ୍ଚା, ପି.: ଚନ୍ଦ୍ରଶେଖର ଦାସ, ବା: ଜିରକଦି
103	11/1	274/3230	0.650	0.650	ପ୍ରଦାରି	ଡିବିଣ୍ଟା ପ୍ରଧାନ, ପି.: ଲକ୍ଷ୍ମୀ ନାରାୟଣ ପ୍ରଧାନ, ଷୃତ୍ରା ରଞ୍ଜନ ପ୍ରଧାନ, ପି.: ନାରାୟଣ ପ୍ରଧାନ, ଭାନ ନାରାୟଣ ପ୍ରଧାନ, ପି.: ଡିବାନାନ ପ୍ରଧାନ, ବା: ମାଧକେଳ, ବା: ଜିରକଦି
104	45/41	189(P)	22.710	7.950	ଶାରଦ ଏକ	ସ୍ୱା. ବିଶ୍ୱନାଥ ସ୍ୱାର୍ଡ 3. ଚାନ୍ଦ୍ରଜି ସ୍ୱାର୍ଡ, ପି.: ଜଗନ୍ନାଥ ସ୍ୱାର୍ଡ, ପି.: ଗେରୀକ ସ୍ୱାର୍ଡ, 4. ପୂର୍ଣ୍ଣମାନ ଉଷ୍ଣୁସାନ, ତାହାଗଣା ଉଷ୍ଣୁସାନ, ବେଷୁ ଉଷ୍ଣୁସାନ, ପି.: ଅଭିରାମ ଉଷ୍ଣୁସାନ, ପ୍ରୋହାଣ ଉଷ୍ଣୁସାନ, 5. ଶ୍ରୀକୃଷ୍ଣ ଚନ୍ଦ୍ର ବେହେରା... 6. ରାଧାକୃଷ୍ଣ ଗୁମାନ, 7. ବେଉ କୃଷ୍ଣ ସ୍ୱାର୍ଡ... 10. ଦେହନ୍ତର ଦାଶ, 11. ଗୋପାଳ ମହାପାତ୍ର, 12. ଦେବାରକ ଦାସ... 14. ଗୋଭାଇ ଛାଇଡୋଭା, 15. କର୍ଣ୍ଣ ଚନ୍ଦ୍ର... 17. ଜେଣି ଗୋବିନ୍ଦ... 18. ଇଦର ନାଇକ... 20. ଦାଶରଥୀ ଦାସ, 21. ଲଭିବ ଦାସ ସେହି, 22. ଧୃତି ଚନ୍ଦ୍ର ବେହେରା, 23. ଶଙ୍କରା ଚାହାରଥା... ବା: ଦଶ୍ଚା, ବା: ଜିରକଦି
105	45/41	200 (P)	64.820	41.200	ଶାରଦ ଏକ	ସ୍ୱା. ବିଶ୍ୱନାଥ ସ୍ୱାର୍ଡ 3. ଚାନ୍ଦ୍ରଜି ସ୍ୱାର୍ଡ, ପି.: ଜଗନ୍ନାଥ ସ୍ୱାର୍ଡ, ପି.: ଗେରୀକ ସ୍ୱାର୍ଡ, 4. ପୂର୍ଣ୍ଣମାନ ଉଷ୍ଣୁସାନ, ତାହାଗଣା ଉଷ୍ଣୁସାନ, ବେଷୁ ଉଷ୍ଣୁସାନ, ପି.: ଅଭିରାମ ଉଷ୍ଣୁସାନ, 5. ଶ୍ରୀକୃଷ୍ଣ ଚନ୍ଦ୍ର ବେହେରା... 8. ଅନ୍ତରୀୟାମ ସ୍ୱାର୍ଡ, 9. ଦେହନ୍ତର ଦାଶ... 13. ଶିଳାକାର ଉଷ୍ଣୁସାନ, 14. ଗୋଭାଇ ଛାଇଡୋଭା... 17. ଜେଣି ଗୋବିନ୍ଦ, 18. ଇଦର ନାଇକ... 20. ଦାଶରଥୀ ଦାସ, 21. ଲଭିବ ଦାସ ସେହି, 22. ଧୃତି ଚନ୍ଦ୍ର ବେହେରା, 23. ଶଙ୍କରା ଚାହାରଥା... ବା: ଦଶ୍ଚା, ବା: ଜିରକଦି
